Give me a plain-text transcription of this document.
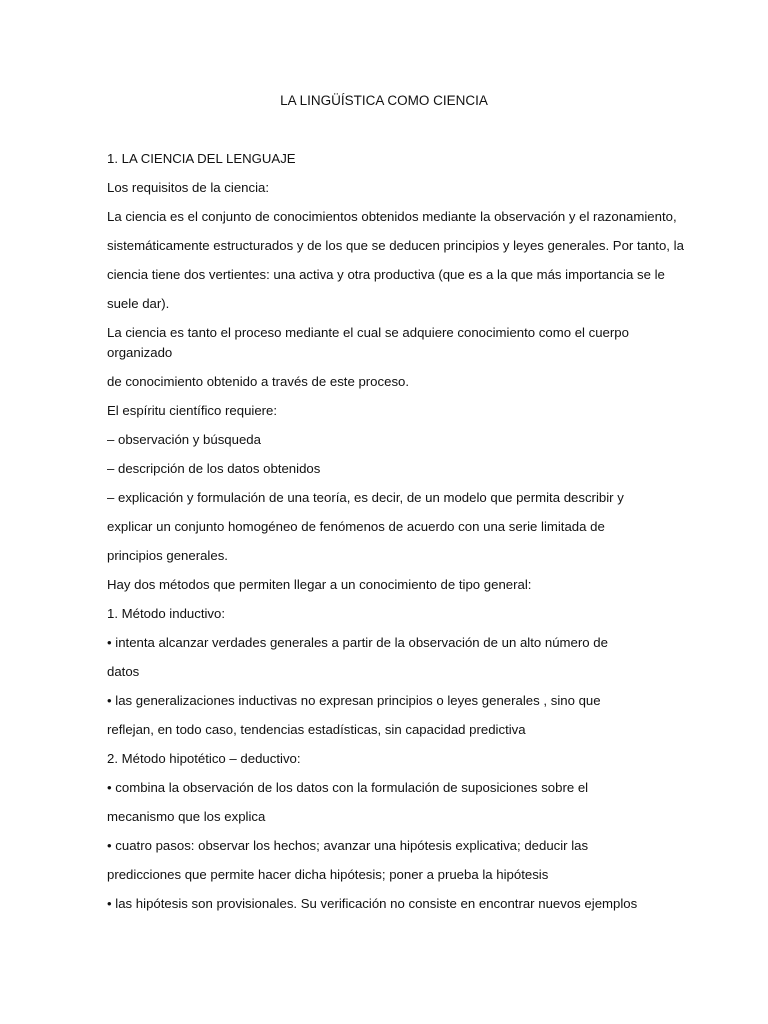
LA LINGÜÍSTICA COMO CIENCIA
1. LA CIENCIA DEL LENGUAJE
Los requisitos de la ciencia:
La ciencia es el conjunto de conocimientos obtenidos mediante la observación y el razonamiento,
sistemáticamente estructurados y de los que se deducen principios y leyes generales. Por tanto, la
ciencia tiene dos vertientes: una activa y otra productiva (que es a la que más importancia se le
suele dar).
La ciencia es tanto el proceso mediante el cual se adquiere conocimiento como el cuerpo
organizado
de conocimiento obtenido a través de este proceso.
El espíritu científico requiere:
– observación y búsqueda
– descripción de los datos obtenidos
– explicación y formulación de una teoría, es decir, de un modelo que permita describir y
explicar un conjunto homogéneo de fenómenos de acuerdo con una serie limitada de
principios generales.
Hay dos métodos que permiten llegar a un conocimiento de tipo general:
1. Método inductivo:
• intenta alcanzar verdades generales a partir de la observación de un alto número de
datos
• las generalizaciones inductivas no expresan principios o leyes generales , sino que
reflejan, en todo caso, tendencias estadísticas, sin capacidad predictiva
2. Método hipotético – deductivo:
• combina la observación de los datos con la formulación de suposiciones sobre el
mecanismo que los explica
• cuatro pasos: observar los hechos; avanzar una hipótesis explicativa; deducir las
predicciones que permite hacer dicha hipótesis; poner a prueba la hipótesis
• las hipótesis son provisionales. Su verificación no consiste en encontrar nuevos ejemplos
